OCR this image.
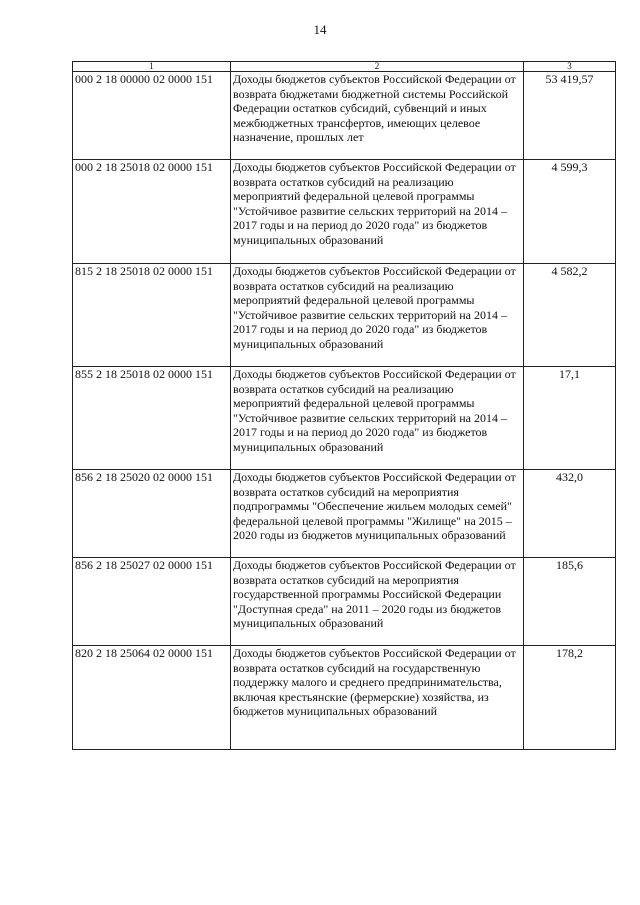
14
1	2	3
000 2 18 00000 02 0000 151	Доходы бюджетов субъектов Российской Федерации от возврата бюджетами бюджетной системы Российской Федерации остатков субсидий, субвенций и иных межбюджетных трансфертов, имеющих целевое назначение, прошлых лет	53 419,57
000 2 18 25018 02 0000 151	Доходы бюджетов субъектов Российской Федерации от возврата остатков субсидий на реализацию мероприятий федеральной целевой программы "Устойчивое развитие сельских территорий на 2014 – 2017 годы и на период до 2020 года" из бюджетов муниципальных образований	4 599,3
815 2 18 25018 02 0000 151	Доходы бюджетов субъектов Российской Федерации от возврата остатков субсидий на реализацию мероприятий федеральной целевой программы "Устойчивое развитие сельских территорий на 2014 – 2017 годы и на период до 2020 года" из бюджетов муниципальных образований	4 582,2
855 2 18 25018 02 0000 151	Доходы бюджетов субъектов Российской Федерации от возврата остатков субсидий на реализацию мероприятий федеральной целевой программы "Устойчивое развитие сельских территорий на 2014 – 2017 годы и на период до 2020 года" из бюджетов муниципальных образований	17,1
856 2 18 25020 02 0000 151	Доходы бюджетов субъектов Российской Федерации от возврата остатков субсидий на мероприятия подпрограммы "Обеспечение жильем молодых семей" федеральной целевой программы "Жилище" на 2015 – 2020 годы из бюджетов муниципальных образований	432,0
856 2 18 25027 02 0000 151	Доходы бюджетов субъектов Российской Федерации от возврата остатков субсидий на мероприятия государственной программы Российской Федерации "Доступная среда" на 2011 – 2020 годы из бюджетов муниципальных образований	185,6
820 2 18 25064 02 0000 151	Доходы бюджетов субъектов Российской Федерации от возврата остатков субсидий на государственную поддержку малого и среднего предпринимательства, включая крестьянские (фермерские) хозяйства, из бюджетов муниципальных образований	178,2
